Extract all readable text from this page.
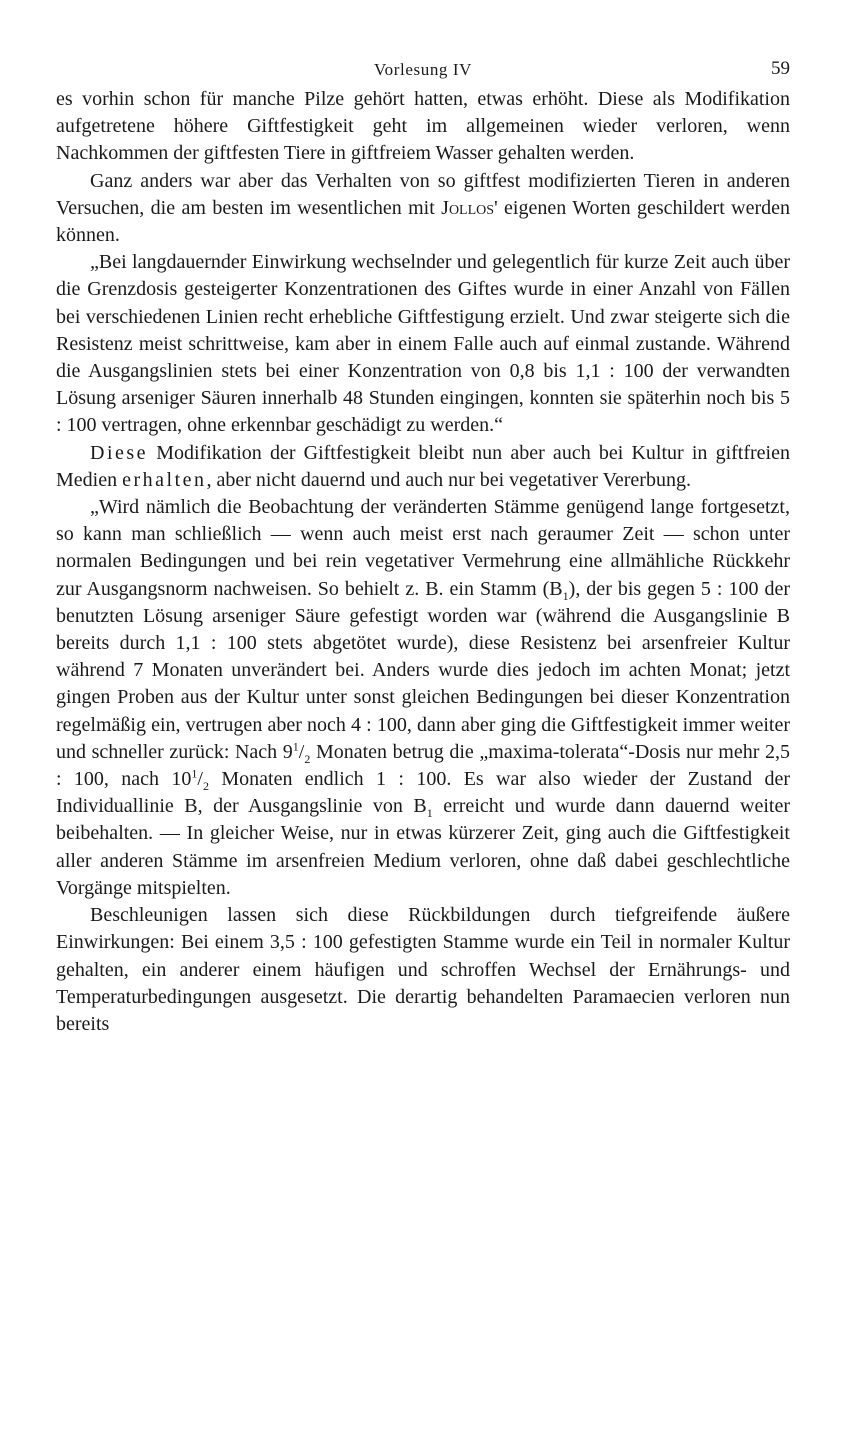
Vorlesung IV	59

es vorhin schon für manche Pilze gehört hatten, etwas erhöht. Diese als Modifikation aufgetretene höhere Giftfestigkeit geht im allgemeinen wieder verloren, wenn Nachkommen der giftfesten Tiere in giftfreiem Wasser gehalten werden.

Ganz anders war aber das Verhalten von so giftfest modifizierten Tieren in anderen Versuchen, die am besten im wesentlichen mit Jollos' eigenen Worten geschildert werden können.

„Bei langdauernder Einwirkung wechselnder und gelegentlich für kurze Zeit auch über die Grenzdosis gesteigerter Konzentrationen des Giftes wurde in einer Anzahl von Fällen bei verschiedenen Linien recht erhebliche Giftfestigung erzielt. Und zwar steigerte sich die Resistenz meist schrittweise, kam aber in einem Falle auch auf einmal zustande. Während die Ausgangslinien stets bei einer Konzentration von 0,8 bis 1,1 : 100 der verwandten Lösung arseniger Säuren innerhalb 48 Stunden eingingen, konnten sie späterhin noch bis 5 : 100 vertragen, ohne erkennbar geschädigt zu werden.“

Diese Modifikation der Giftfestigkeit bleibt nun aber auch bei Kultur in giftfreien Medien erhalten, aber nicht dauernd und auch nur bei vegetativer Vererbung.

„Wird nämlich die Beobachtung der veränderten Stämme genügend lange fortgesetzt, so kann man schließlich — wenn auch meist erst nach geraumer Zeit — schon unter normalen Bedingungen und bei rein vegetativer Vermehrung eine allmähliche Rückkehr zur Ausgangsnorm nachweisen. So behielt z. B. ein Stamm $(B_1)$, der bis gegen 5 : 100 der benutzten Lösung arseniger Säure gefestigt worden war (während die Ausgangslinie B bereits durch 1,1 : 100 stets abgetötet wurde), diese Resistenz bei arsenfreier Kultur während 7 Monaten unverändert bei. Anders wurde dies jedoch im achten Monat; jetzt gingen Proben aus der Kultur unter sonst gleichen Bedingungen bei dieser Konzentration regelmäßig ein, vertrugen aber noch 4 : 100, dann aber ging die Giftfestigkeit immer weiter und schneller zurück: Nach $9^1/_2$ Monaten betrug die „maxima-tolerata“-Dosis nur mehr 2,5 : 100, nach $10^1/_2$ Monaten endlich 1 : 100. Es war also wieder der Zustand der Individuallinie B, der Ausgangslinie von $B_1$ erreicht und wurde dann dauernd weiter beibehalten. — In gleicher Weise, nur in etwas kürzerer Zeit, ging auch die Giftfestigkeit aller anderen Stämme im arsenfreien Medium verloren, ohne daß dabei geschlechtliche Vorgänge mitspielten.

Beschleunigen lassen sich diese Rückbildungen durch tiefgreifende äußere Einwirkungen: Bei einem 3,5 : 100 gefestigten Stamme wurde ein Teil in normaler Kultur gehalten, ein anderer einem häufigen und schroffen Wechsel der Ernährungs- und Temperaturbedingungen ausgesetzt. Die derartig behandelten Paramaecien verloren nun bereits
